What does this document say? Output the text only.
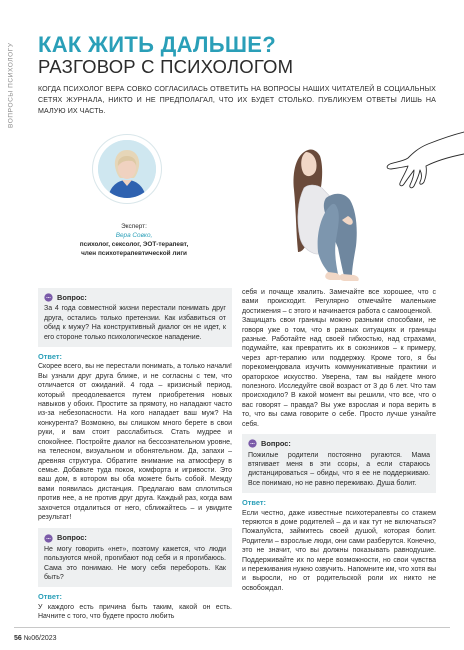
ВОПРОСЫ ПСИХОЛОГУ КАК ЖИТЬ ДАЛЬШЕ?
РАЗГОВОР С ПСИХОЛОГОМ
КОГДА ПСИХОЛОГ ВЕРА СОВКО СОГЛАСИЛАСЬ ОТВЕТИТЬ НА ВОПРОСЫ НАШИХ ЧИТАТЕЛЕЙ В СОЦИАЛЬНЫХ СЕТЯХ ЖУРНАЛА, НИКТО И НЕ ПРЕДПОЛАГАЛ, ЧТО ИХ БУДЕТ СТОЛЬКО. ПУБЛИКУЕМ ОТВЕТЫ ЛИШЬ НА МАЛУЮ ИХ ЧАСТЬ.
Эксперт:
Вера Совко,
психолог, сексолог, ЭОТ-терапевт,
член психотерапевтической лиги
Вопрос:

За 4 года совместной жизни перестали понимать друг друга, остались только претензии. Как избавиться от обид к мужу? На конструктивный диалог он не идет, к его стороне только психологическое нападение.

Ответ:

Скорее всего, вы не перестали понимать, а только начали! Вы узнали друг друга ближе, и не согласны с тем, что отличается от ожиданий. 4 года – кризисный период, который преодолевается путем приобретения новых навыков у обоих. Простите за прямоту, но нападают часто из-за небезопасности. На кого нападает ваш муж? На конкурента? Возможно, вы слишком много берете в свои руки, и вам стоит расслабиться. Стать мудрее и спокойнее. Постройте диалог на бессознательном уровне, на телесном, визуальном и обонятельном. Да, запахи – древняя структура. Обратите внимание на атмосферу в семье. Добавьте туда покоя, комфорта и игривости. Это ваш дом, в котором вы оба можете быть собой. Между вами появилась дистанция. Предлагаю вам сплотиться против нее, а не против друг друга. Каждый раз, когда вам захочется отдалиться от него, сближайтесь – и увидите результат!

Вопрос:

Не могу говорить «нет», поэтому кажется, что люди пользуются мной, прогибают под себя и я прогибаюсь. Сама это понимаю. Не могу себя перебороть. Как быть?

Ответ:

У каждого есть причина быть таким, какой он есть. Начните с того, что будете просто любить

себя и почаще хвалить. Замечайте все хорошее, что с вами происходит. Регулярно отмечайте маленькие достижения – с этого и начинается работа с самооценкой.

Защищать свои границы можно разными способами, не говоря уже о том, что в разных ситуациях и границы разные. Работайте над своей гибкостью, над страхами, подумайте, как превратить их в союзников – к примеру, через арт-терапию или поддержку. Кроме того, я бы порекомендовала изучить коммуникативные практики и ораторское искусство. Уверена, там вы найдете много полезного. Исследуйте свой возраст от 3 до 6 лет. Что там происходило? В какой момент вы решили, что все, что о вас говорят – правда? Вы уже взрослая и пора верить в то, что вы сама говорите о себе. Просто лучше узнайте себя.

Вопрос:

Пожилые родители постоянно ругаются. Мама втягивает меня в эти ссоры, а если стараюсь дистанцироваться – обиды, что я ее не поддерживаю. Все понимаю, но не равно переживаю. Душа болит.

Ответ:

Если честно, даже известные психотерапевты со стажем теряются в доме родителей – да и как тут не включаться? Пожалуйста, займитесь своей душой, которая болит. Родители – взрослые люди, они сами разберутся. Конечно, это не значит, что вы должны показывать равнодушие. Поддерживайте их по мере возможности, но свои чувства и переживания нужно озвучить. Напомните им, что хотя вы и выросли, но от родительской роли их никто не освобождал.

56 №06/2023
